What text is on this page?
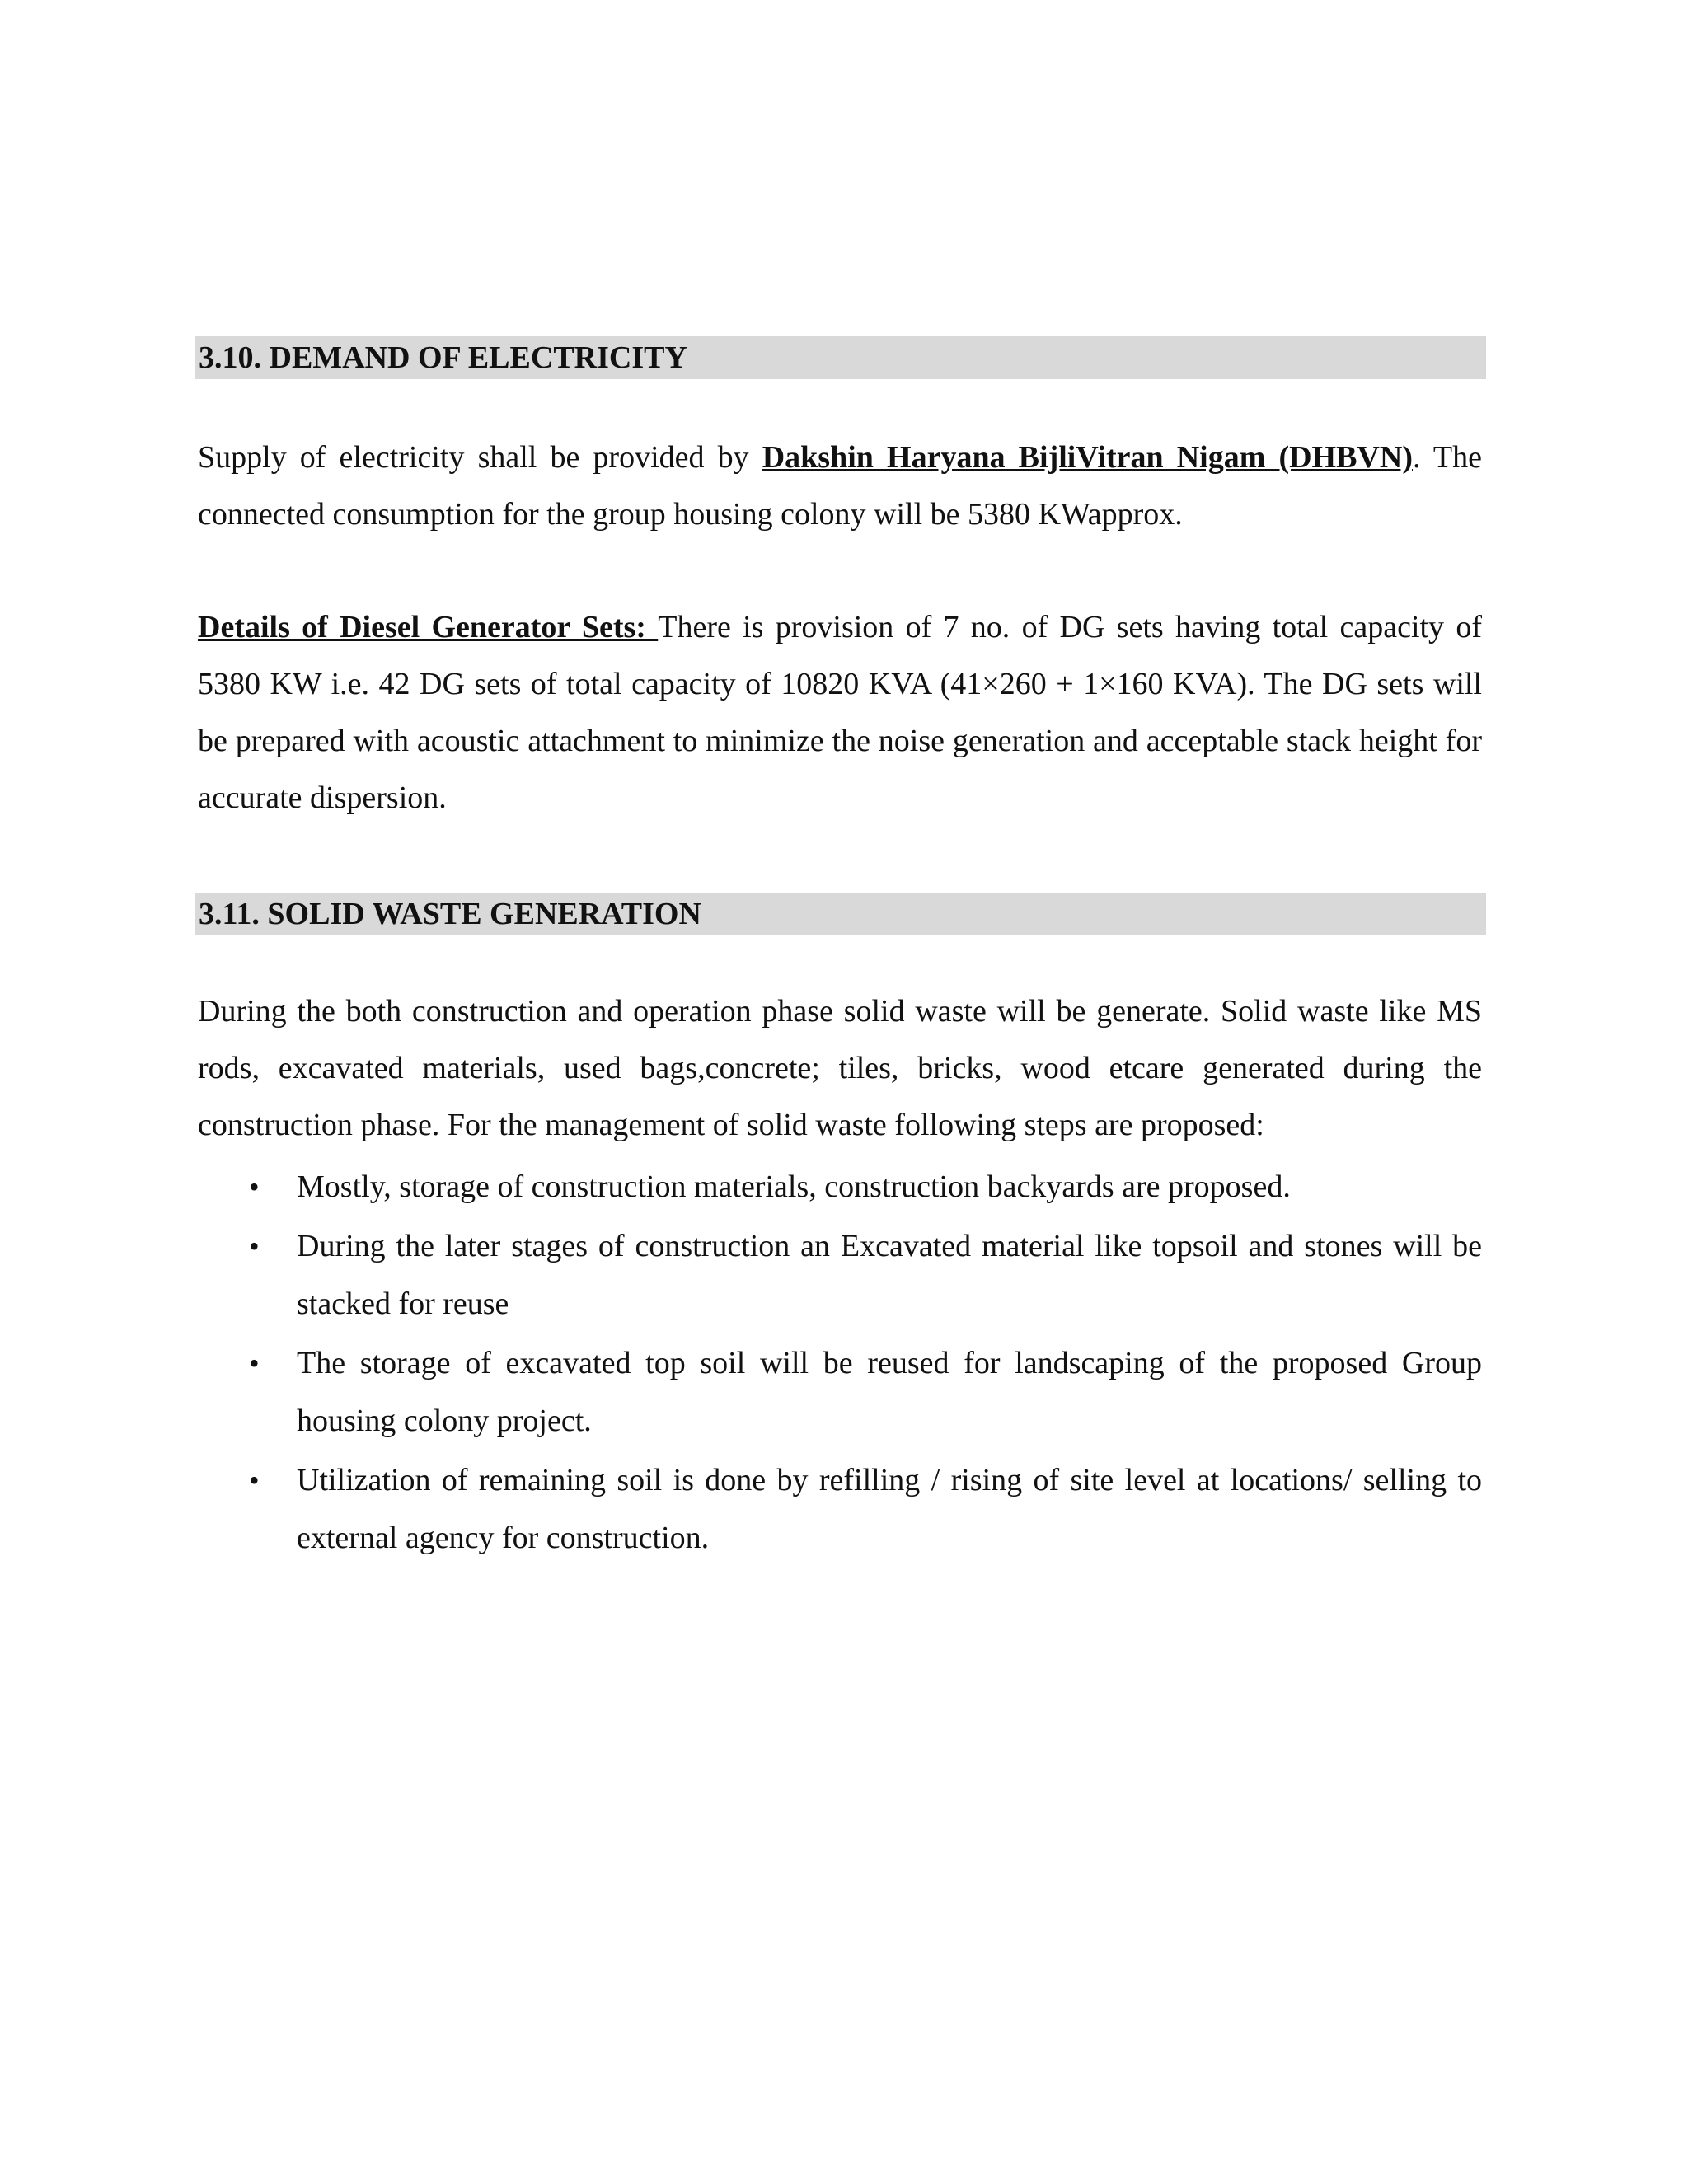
3.10. DEMAND OF ELECTRICITY

Supply of electricity shall be provided by Dakshin Haryana BijliVitran Nigam (DHBVN). The connected consumption for the group housing colony will be 5380 KWapprox.

Details of Diesel Generator Sets: There is provision of 7 no. of DG sets having total capacity of 5380 KW i.e. 42 DG sets of total capacity of 10820 KVA (41×260 + 1×160 KVA). The DG sets will be prepared with acoustic attachment to minimize the noise generation and acceptable stack height for accurate dispersion.

3.11. SOLID WASTE GENERATION

During the both construction and operation phase solid waste will be generate. Solid waste like MS rods, excavated materials, used bags,concrete; tiles, bricks, wood etcare generated during the construction phase. For the management of solid waste following steps are proposed:

• Mostly, storage of construction materials, construction backyards are proposed.
• During the later stages of construction an Excavated material like topsoil and stones will be stacked for reuse
• The storage of excavated top soil will be reused for landscaping of the proposed Group housing colony project.
• Utilization of remaining soil is done by refilling / rising of site level at locations/ selling to external agency for construction.
